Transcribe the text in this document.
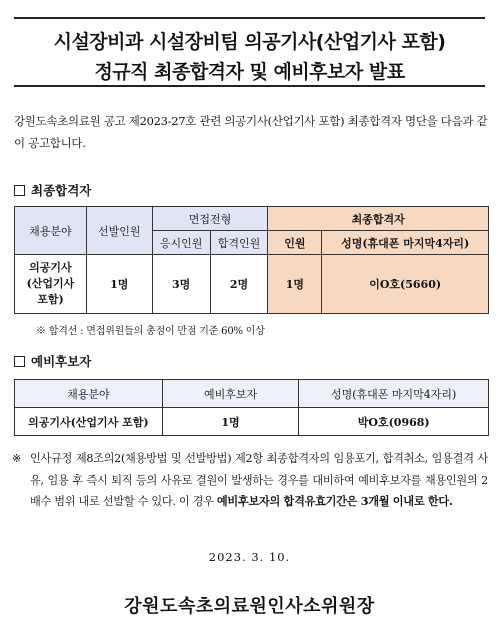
시설장비과 시설장비팀 의공기사(산업기사 포함)
정규직 최종합격자 및 예비후보자 발표
강원도속초의료원 공고 제2023-27호 관련 의공기사(산업기사 포함) 최종합격자 명단을 다음과 같이 공고합니다.
최종합격자
채용분야	선발인원	면접전형		최종합격자	
		응시인원	합격인원	인원	성명(휴대폰 마지막4자리)
의공기사
(산업기사
포함)	1명	3명	2명	1명	이O호(5660)
※ 합격선 : 면접위원들의 총점이 만점 기준 60% 이상
예비후보자
채용분야	예비후보자	성명(휴대폰 마지막4자리)
의공기사(산업기사 포함)	1명	박O호(0968)
※ 인사규정 제8조의2(채용방법 및 선발방법) 제2항 최종합격자의 임용포기, 합격취소, 임용결격 사유, 임용 후 즉시 퇴직 등의 사유로 결원이 발생하는 경우를 대비하여 예비후보자를 채용인원의 2배수 범위 내로 선발할 수 있다. 이 경우 예비후보자의 합격유효기간은 3개월 이내로 한다.
2023. 3. 10.
강원도속초의료원인사소위원장
